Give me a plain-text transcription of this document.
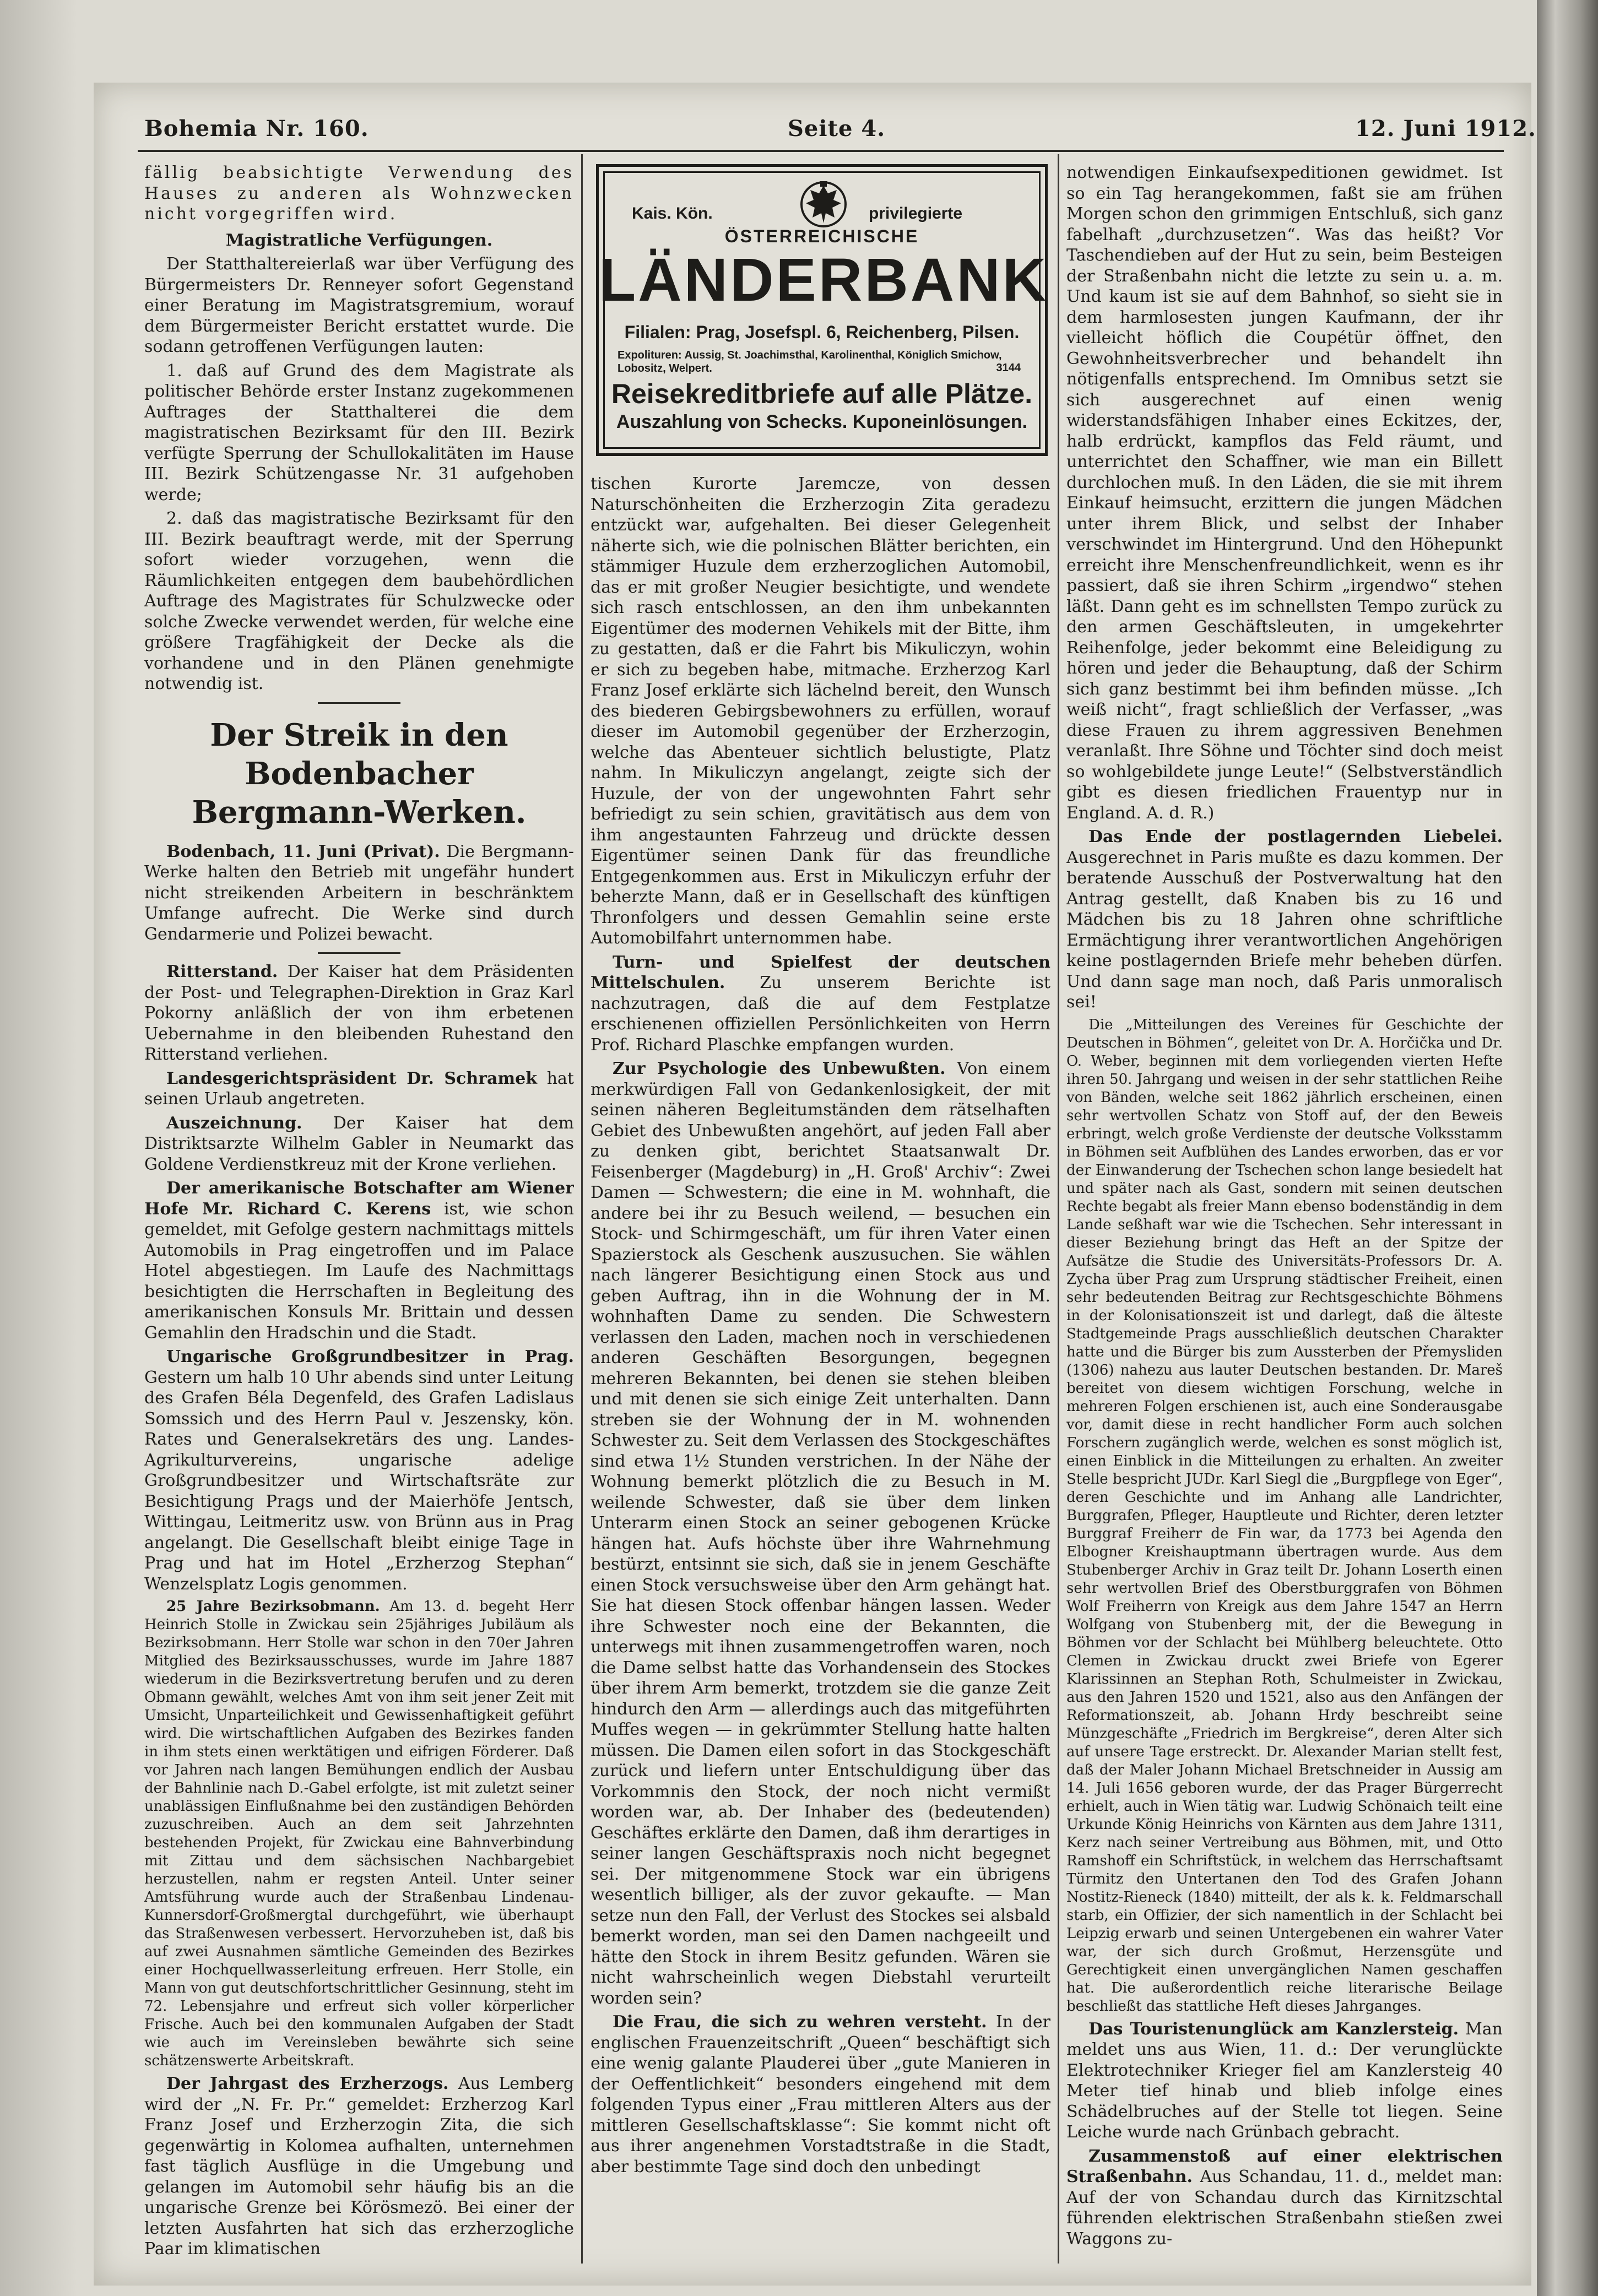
Bohemia Nr. 160.	Seite 4.	12. Juni 1912.

fällig beabsichtigte Verwendung des Hauses zu anderen als Wohnzwecken nicht vorgegriffen wird.

Magistratliche Verfügungen.

Der Statthaltereierlaß war über Verfügung des Bürgermeisters Dr. Renneyer sofort Gegenstand einer Beratung im Magistratsgremium, worauf dem Bürgermeister Bericht erstattet wurde. Die sodann getroffenen Verfügungen lauten:

1. daß auf Grund des dem Magistrate als politischer Behörde erster Instanz zugekommenen Auftrages der Statthalterei die dem magistratischen Bezirksamt für den III. Bezirk verfügte Sperrung der Schullokalitäten im Hause III. Bezirk Schützengasse Nr. 31 aufgehoben werde;

2. daß das magistratische Bezirksamt für den III. Bezirk beauftragt werde, mit der Sperrung sofort wieder vorzugehen, wenn die Räumlichkeiten entgegen dem baubehördlichen Auftrage des Magistrates für Schulzwecke oder solche Zwecke verwendet werden, für welche eine größere Tragfähigkeit der Decke als die vorhandene und in den Plänen genehmigte notwendig ist.

Der Streik in den Bodenbacher
Bergmann-Werken.

Bodenbach, 11. Juni (Privat). Die Bergmann-Werke halten den Betrieb mit ungefähr hundert nicht streikenden Arbeitern in beschränktem Umfange aufrecht. Die Werke sind durch Gendarmerie und Polizei bewacht.

Ritterstand. Der Kaiser hat dem Präsidenten der Post- und Telegraphen-Direktion in Graz Karl Pokorny anläßlich der von ihm erbetenen Uebernahme in den bleibenden Ruhestand den Ritterstand verliehen.

Landesgerichtspräsident Dr. Schramek hat seinen Urlaub angetreten.

Auszeichnung. Der Kaiser hat dem Distriktsarzte Wilhelm Gabler in Neumarkt das Goldene Verdienstkreuz mit der Krone verliehen.

Der amerikanische Botschafter am Wiener Hofe Mr. Richard C. Kerens ist, wie schon gemeldet, mit Gefolge gestern nachmittags mittels Automobils in Prag eingetroffen und im Palace Hotel abgestiegen. Im Laufe des Nachmittags besichtigten die Herrschaften in Begleitung des amerikanischen Konsuls Mr. Brittain und dessen Gemahlin den Hradschin und die Stadt.

Ungarische Großgrundbesitzer in Prag. Gestern um halb 10 Uhr abends sind unter Leitung des Grafen Béla Degenfeld, des Grafen Ladislaus Somssich und des Herrn Paul v. Jeszensky, kön. Rates und Generalsekretärs des ung. Landes-Agrikulturvereins, ungarische adelige Großgrundbesitzer und Wirtschaftsräte zur Besichtigung Prags und der Maierhöfe Jentsch, Wittingau, Leitmeritz usw. von Brünn aus in Prag angelangt. Die Gesellschaft bleibt einige Tage in Prag und hat im Hotel „Erzherzog Stephan“ Wenzelsplatz Logis genommen.

25 Jahre Bezirksobmann. Am 13. d. begeht Herr Heinrich Stolle in Zwickau sein 25jähriges Jubiläum als Bezirksobmann. Herr Stolle war schon in den 70er Jahren Mitglied des Bezirksausschusses, wurde im Jahre 1887 wiederum in die Bezirksvertretung berufen und zu deren Obmann gewählt, welches Amt von ihm seit jener Zeit mit Umsicht, Unparteilichkeit und Gewissenhaftigkeit geführt wird. Die wirtschaftlichen Aufgaben des Bezirkes fanden in ihm stets einen werktätigen und eifrigen Förderer. Daß vor Jahren nach langen Bemühungen endlich der Ausbau der Bahnlinie nach D.-Gabel erfolgte, ist mit zuletzt seiner unablässigen Einflußnahme bei den zuständigen Behörden zuzuschreiben. Auch an dem seit Jahrzehnten bestehenden Projekt, für Zwickau eine Bahnverbindung mit Zittau und dem sächsischen Nachbargebiet herzustellen, nahm er regsten Anteil. Unter seiner Amtsführung wurde auch der Straßenbau Lindenau-Kunnersdorf-Großmergtal durchgeführt, wie überhaupt das Straßenwesen verbessert. Hervorzuheben ist, daß bis auf zwei Ausnahmen sämtliche Gemeinden des Bezirkes einer Hochquellwasserleitung erfreuen. Herr Stolle, ein Mann von gut deutschfortschrittlicher Gesinnung, steht im 72. Lebensjahre und erfreut sich voller körperlicher Frische. Auch bei den kommunalen Aufgaben der Stadt wie auch im Vereinsleben bewährte sich seine schätzenswerte Arbeitskraft.

Der Jahrgast des Erzherzogs. Aus Lemberg wird der „N. Fr. Pr.“ gemeldet: Erzherzog Karl Franz Josef und Erzherzogin Zita, die sich gegenwärtig in Kolomea aufhalten, unternehmen fast täglich Ausflüge in die Umgebung und gelangen im Automobil sehr häufig bis an die ungarische Grenze bei Körösmezö. Bei einer der letzten Ausfahrten hat sich das erzherzogliche Paar im klimatischen

Kais. Kön.	privilegierte
ÖSTERREICHISCHE
LÄNDERBANK
Filialen: Prag, Josefspl. 6, Reichenberg, Pilsen.
Expolituren: Aussig, St. Joachimsthal, Karolinenthal, Königlich Smichow, Lobositz, Welpert.	3144
Reisekreditbriefe auf alle Plätze.
Auszahlung von Schecks. Kuponeinlösungen.

tischen Kurorte Jaremcze, von dessen Naturschönheiten die Erzherzogin Zita geradezu entzückt war, aufgehalten. Bei dieser Gelegenheit näherte sich, wie die polnischen Blätter berichten, ein stämmiger Huzule dem erzherzoglichen Automobil, das er mit großer Neugier besichtigte, und wendete sich rasch entschlossen, an den ihm unbekannten Eigentümer des modernen Vehikels mit der Bitte, ihm zu gestatten, daß er die Fahrt bis Mikuliczyn, wohin er sich zu begeben habe, mitmache. Erzherzog Karl Franz Josef erklärte sich lächelnd bereit, den Wunsch des biederen Gebirgsbewohners zu erfüllen, worauf dieser im Automobil gegenüber der Erzherzogin, welche das Abenteuer sichtlich belustigte, Platz nahm. In Mikuliczyn angelangt, zeigte sich der Huzule, der von der ungewohnten Fahrt sehr befriedigt zu sein schien, gravitätisch aus dem von ihm angestaunten Fahrzeug und drückte dessen Eigentümer seinen Dank für das freundliche Entgegenkommen aus. Erst in Mikuliczyn erfuhr der beherzte Mann, daß er in Gesellschaft des künftigen Thronfolgers und dessen Gemahlin seine erste Automobilfahrt unternommen habe.

Turn- und Spielfest der deutschen Mittelschulen. Zu unserem Berichte ist nachzutragen, daß die auf dem Festplatze erschienenen offiziellen Persönlichkeiten von Herrn Prof. Richard Plaschke empfangen wurden.

Zur Psychologie des Unbewußten. Von einem merkwürdigen Fall von Gedankenlosigkeit, der mit seinen näheren Begleitumständen dem rätselhaften Gebiet des Unbewußten angehört, auf jeden Fall aber zu denken gibt, berichtet Staatsanwalt Dr. Feisenberger (Magdeburg) in „H. Groß' Archiv“: Zwei Damen — Schwestern; die eine in M. wohnhaft, die andere bei ihr zu Besuch weilend, — besuchen ein Stock- und Schirmgeschäft, um für ihren Vater einen Spazierstock als Geschenk auszusuchen. Sie wählen nach längerer Besichtigung einen Stock aus und geben Auftrag, ihn in die Wohnung der in M. wohnhaften Dame zu senden. Die Schwestern verlassen den Laden, machen noch in verschiedenen anderen Geschäften Besorgungen, begegnen mehreren Bekannten, bei denen sie stehen bleiben und mit denen sie sich einige Zeit unterhalten. Dann streben sie der Wohnung der in M. wohnenden Schwester zu. Seit dem Verlassen des Stockgeschäftes sind etwa 1½ Stunden verstrichen. In der Nähe der Wohnung bemerkt plötzlich die zu Besuch in M. weilende Schwester, daß sie über dem linken Unterarm einen Stock an seiner gebogenen Krücke hängen hat. Aufs höchste über ihre Wahrnehmung bestürzt, entsinnt sie sich, daß sie in jenem Geschäfte einen Stock versuchsweise über den Arm gehängt hat. Sie hat diesen Stock offenbar hängen lassen. Weder ihre Schwester noch eine der Bekannten, die unterwegs mit ihnen zusammengetroffen waren, noch die Dame selbst hatte das Vorhandensein des Stockes über ihrem Arm bemerkt, trotzdem sie die ganze Zeit hindurch den Arm — allerdings auch das mitgeführten Muffes wegen — in gekrümmter Stellung hatte halten müssen. Die Damen eilen sofort in das Stockgeschäft zurück und liefern unter Entschuldigung über das Vorkommnis den Stock, der noch nicht vermißt worden war, ab. Der Inhaber des (bedeutenden) Geschäftes erklärte den Damen, daß ihm derartiges in seiner langen Geschäftspraxis noch nicht begegnet sei. Der mitgenommene Stock war ein übrigens wesentlich billiger, als der zuvor gekaufte. — Man setze nun den Fall, der Verlust des Stockes sei alsbald bemerkt worden, man sei den Damen nachgeeilt und hätte den Stock in ihrem Besitz gefunden. Wären sie nicht wahrscheinlich wegen Diebstahl verurteilt worden sein?

Die Frau, die sich zu wehren versteht. In der englischen Frauenzeitschrift „Queen“ beschäftigt sich eine wenig galante Plauderei über „gute Manieren in der Oeffentlichkeit“ besonders eingehend mit dem folgenden Typus einer „Frau mittleren Alters aus der mittleren Gesellschaftsklasse“: Sie kommt nicht oft aus ihrer angenehmen Vorstadtstraße in die Stadt, aber bestimmte Tage sind doch den unbedingt

notwendigen Einkaufsexpeditionen gewidmet. Ist so ein Tag herangekommen, faßt sie am frühen Morgen schon den grimmigen Entschluß, sich ganz fabelhaft „durchzusetzen“. Was das heißt? Vor Taschendieben auf der Hut zu sein, beim Besteigen der Straßenbahn nicht die letzte zu sein u. a. m. Und kaum ist sie auf dem Bahnhof, so sieht sie in dem harmlosesten jungen Kaufmann, der ihr vielleicht höflich die Coupétür öffnet, den Gewohnheitsverbrecher und behandelt ihn nötigenfalls entsprechend. Im Omnibus setzt sie sich ausgerechnet auf einen wenig widerstandsfähigen Inhaber eines Eckitzes, der, halb erdrückt, kampflos das Feld räumt, und unterrichtet den Schaffner, wie man ein Billett durchlochen muß. In den Läden, die sie mit ihrem Einkauf heimsucht, erzittern die jungen Mädchen unter ihrem Blick, und selbst der Inhaber verschwindet im Hintergrund. Und den Höhepunkt erreicht ihre Menschenfreundlichkeit, wenn es ihr passiert, daß sie ihren Schirm „irgendwo“ stehen läßt. Dann geht es im schnellsten Tempo zurück zu den armen Geschäftsleuten, in umgekehrter Reihenfolge, jeder bekommt eine Beleidigung zu hören und jeder die Behauptung, daß der Schirm sich ganz bestimmt bei ihm befinden müsse. „Ich weiß nicht“, fragt schließlich der Verfasser, „was diese Frauen zu ihrem aggressiven Benehmen veranlaßt. Ihre Söhne und Töchter sind doch meist so wohlgebildete junge Leute!“ (Selbstverständlich gibt es diesen friedlichen Frauentyp nur in England. A. d. R.)

Das Ende der postlagernden Liebelei. Ausgerechnet in Paris mußte es dazu kommen. Der beratende Ausschuß der Postverwaltung hat den Antrag gestellt, daß Knaben bis zu 16 und Mädchen bis zu 18 Jahren ohne schriftliche Ermächtigung ihrer verantwortlichen Angehörigen keine postlagernden Briefe mehr beheben dürfen. Und dann sage man noch, daß Paris unmoralisch sei!

Die „Mitteilungen des Vereines für Geschichte der Deutschen in Böhmen“, geleitet von Dr. A. Horčička und Dr. O. Weber, beginnen mit dem vorliegenden vierten Hefte ihren 50. Jahrgang und weisen in der sehr stattlichen Reihe von Bänden, welche seit 1862 jährlich erscheinen, einen sehr wertvollen Schatz von Stoff auf, der den Beweis erbringt, welch große Verdienste der deutsche Volksstamm in Böhmen seit Aufblühen des Landes erworben, das er vor der Einwanderung der Tschechen schon lange besiedelt hat und später nach als Gast, sondern mit seinen deutschen Rechte begabt als freier Mann ebenso bodenständig in dem Lande seßhaft war wie die Tschechen. Sehr interessant in dieser Beziehung bringt das Heft an der Spitze der Aufsätze die Studie des Universitäts-Professors Dr. A. Zycha über Prag zum Ursprung städtischer Freiheit, einen sehr bedeutenden Beitrag zur Rechtsgeschichte Böhmens in der Kolonisationszeit ist und darlegt, daß die älteste Stadtgemeinde Prags ausschließlich deutschen Charakter hatte und die Bürger bis zum Aussterben der Přemysliden (1306) nahezu aus lauter Deutschen bestanden. Dr. Mareš bereitet von diesem wichtigen Forschung, welche in mehreren Folgen erschienen ist, auch eine Sonderausgabe vor, damit diese in recht handlicher Form auch solchen Forschern zugänglich werde, welchen es sonst möglich ist, einen Einblick in die Mitteilungen zu erhalten. An zweiter Stelle bespricht JUDr. Karl Siegl die „Burgpflege von Eger“, deren Geschichte und im Anhang alle Landrichter, Burggrafen, Pfleger, Hauptleute und Richter, deren letzter Burggraf Freiherr de Fin war, da 1773 bei Agenda den Elbogner Kreishauptmann übertragen wurde. Aus dem Stubenberger Archiv in Graz teilt Dr. Johann Loserth einen sehr wertvollen Brief des Oberstburggrafen von Böhmen Wolf Freiherrn von Kreigk aus dem Jahre 1547 an Herrn Wolfgang von Stubenberg mit, der die Bewegung in Böhmen vor der Schlacht bei Mühlberg beleuchtete. Otto Clemen in Zwickau druckt zwei Briefe von Egerer Klarissinnen an Stephan Roth, Schulmeister in Zwickau, aus den Jahren 1520 und 1521, also aus den Anfängen der Reformationszeit, ab. Johann Hrdy beschreibt seine Münzgeschäfte „Friedrich im Bergkreise“, deren Alter sich auf unsere Tage erstreckt. Dr. Alexander Marian stellt fest, daß der Maler Johann Michael Bretschneider in Aussig am 14. Juli 1656 geboren wurde, der das Prager Bürgerrecht erhielt, auch in Wien tätig war. Ludwig Schönaich teilt eine Urkunde König Heinrichs von Kärnten aus dem Jahre 1311, Kerz nach seiner Vertreibung aus Böhmen, mit, und Otto Ramshoff ein Schriftstück, in welchem das Herrschaftsamt Türmitz den Untertanen den Tod des Grafen Johann Nostitz-Rieneck (1840) mitteilt, der als k. k. Feldmarschall starb, ein Offizier, der sich namentlich in der Schlacht bei Leipzig erwarb und seinen Untergebenen ein wahrer Vater war, der sich durch Großmut, Herzensgüte und Gerechtigkeit einen unvergänglichen Namen geschaffen hat. Die außerordentlich reiche literarische Beilage beschließt das stattliche Heft dieses Jahrganges.

Das Touristenunglück am Kanzlersteig. Man meldet uns aus Wien, 11. d.: Der verunglückte Elektrotechniker Krieger fiel am Kanzlersteig 40 Meter tief hinab und blieb infolge eines Schädelbruches auf der Stelle tot liegen. Seine Leiche wurde nach Grünbach gebracht.

Zusammenstoß auf einer elektrischen Straßenbahn. Aus Schandau, 11. d., meldet man: Auf der von Schandau durch das Kirnitzschtal führenden elektrischen Straßenbahn stießen zwei Waggons zu-
